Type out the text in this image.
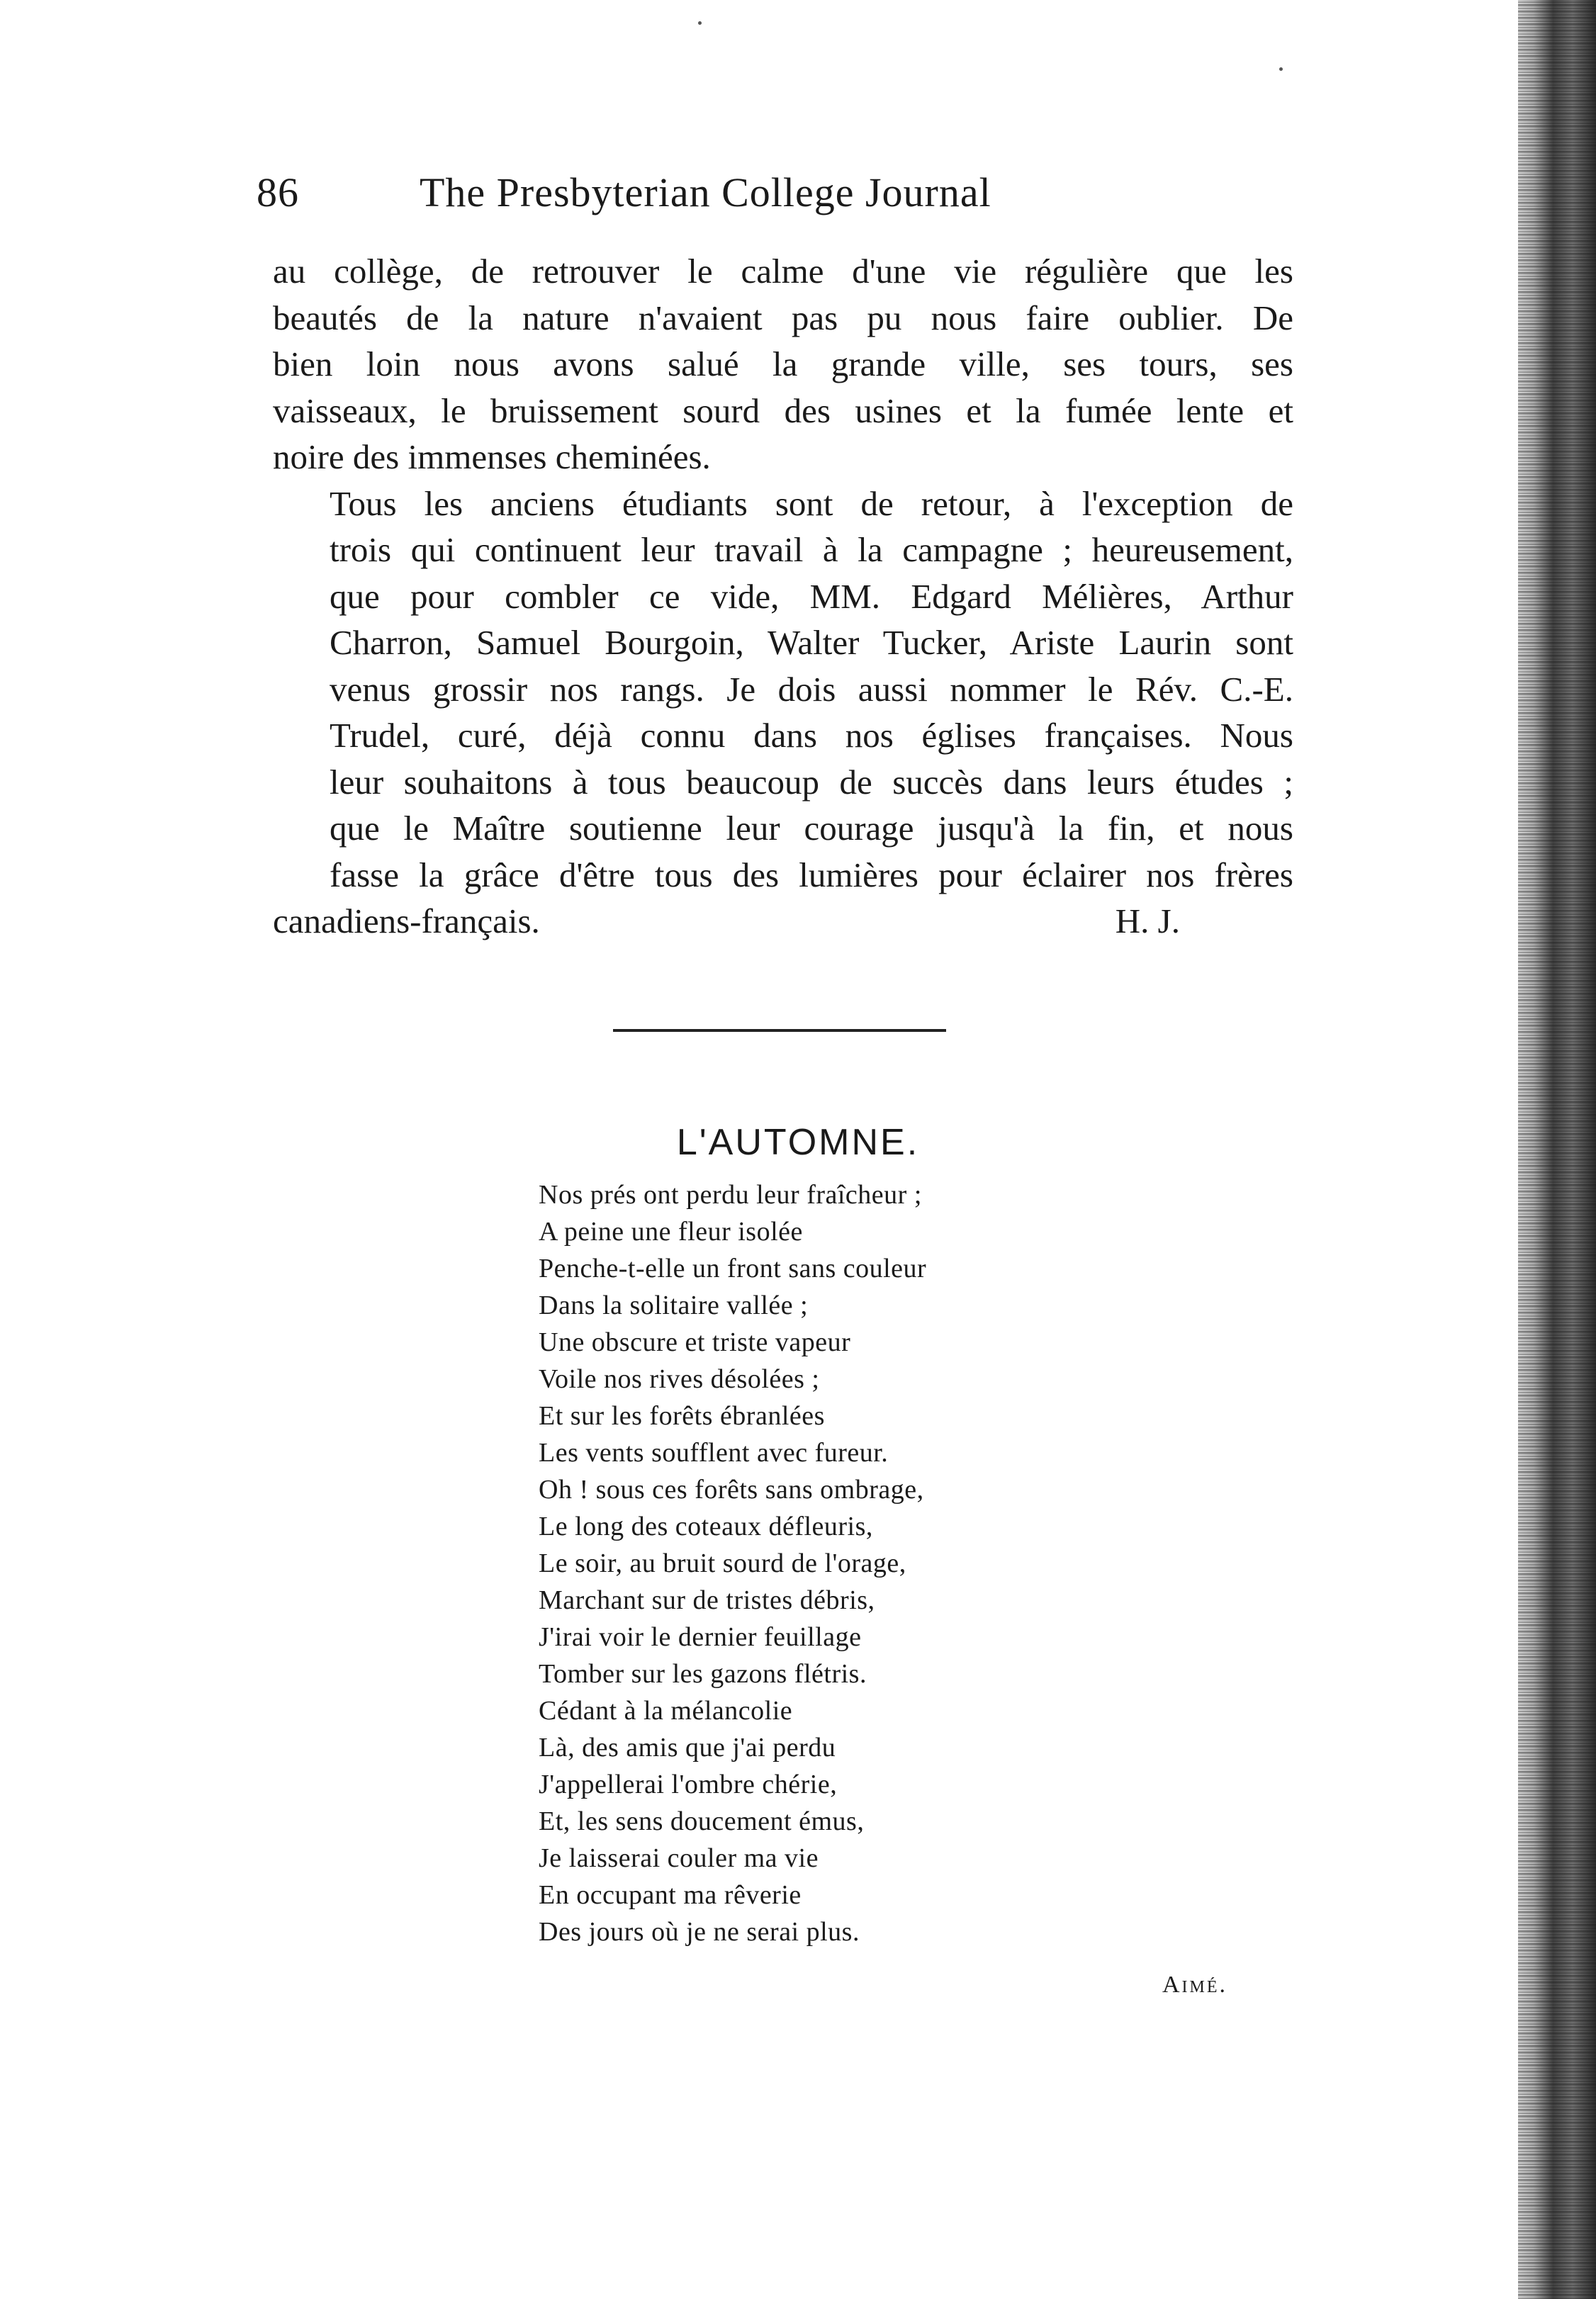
86	The Presbyterian College Journal

au collège, de retrouver le calme d'une vie régulière que les
beautés de la nature n'avaient pas pu nous faire oublier. De
bien loin nous avons salué la grande ville, ses tours, ses
vaisseaux, le bruissement sourd des usines et la fumée lente et
noire des immenses cheminées.

Tous les anciens étudiants sont de retour, à l'exception de
trois qui continuent leur travail à la campagne ; heureusement,
que pour combler ce vide, MM. Edgard Mélières, Arthur
Charron, Samuel Bourgoin, Walter Tucker, Ariste Laurin sont
venus grossir nos rangs. Je dois aussi nommer le Rév. C.-E.
Trudel, curé, déjà connu dans nos églises françaises. Nous
leur souhaitons à tous beaucoup de succès dans leurs études ;
que le Maître soutienne leur courage jusqu'à la fin, et nous
fasse la grâce d'être tous des lumières pour éclairer nos frères

canadiens-français.	H. J.
L'AUTOMNE.
Nos prés ont perdu leur fraîcheur ;
A peine une fleur isolée
Penche-t-elle un front sans couleur
Dans la solitaire vallée ;
Une obscure et triste vapeur
Voile nos rives désolées ;
Et sur les forêts ébranlées
Les vents soufflent avec fureur.
Oh ! sous ces forêts sans ombrage,
Le long des coteaux défleuris,
Le soir, au bruit sourd de l'orage,
Marchant sur de tristes débris,
J'irai voir le dernier feuillage
Tomber sur les gazons flétris.
Cédant à la mélancolie
Là, des amis que j'ai perdu
J'appellerai l'ombre chérie,
Et, les sens doucement émus,
Je laisserai couler ma vie
En occupant ma rêverie
Des jours où je ne serai plus.
Aimé.
